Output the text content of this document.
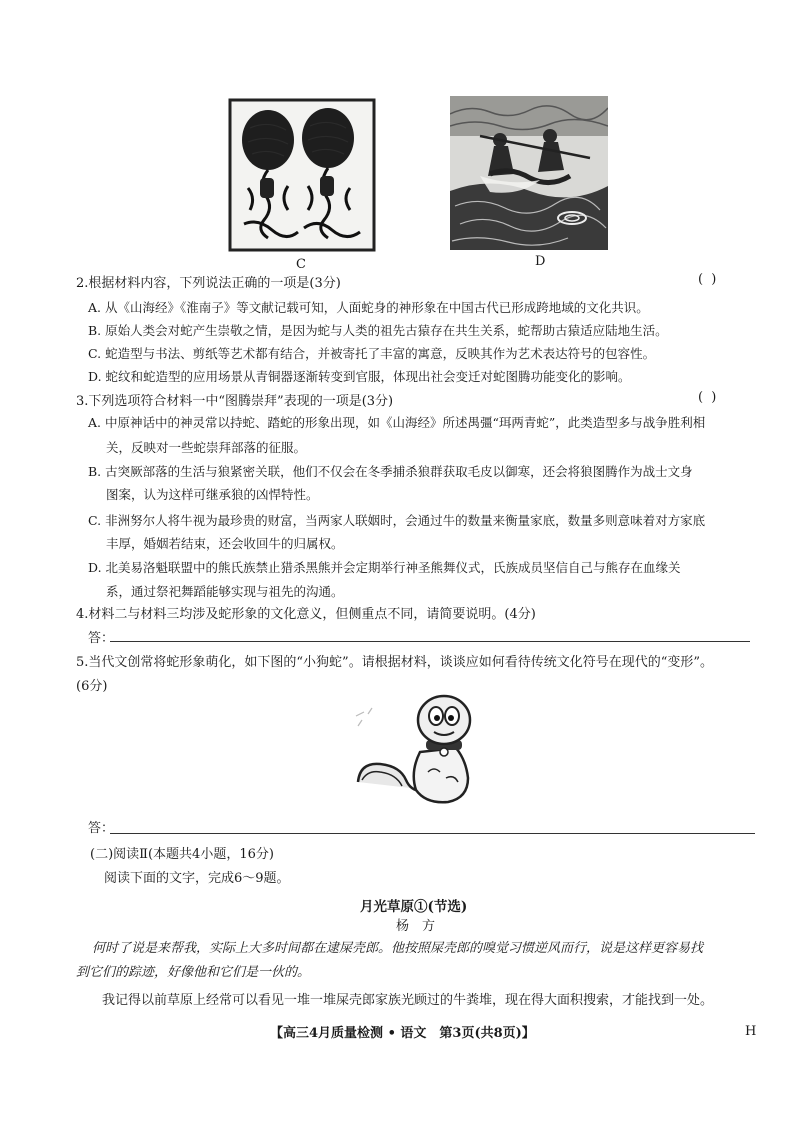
C	D
2.根据材料内容，下列说法正确的一项是(3分)	( )
A. 从《山海经》《淮南子》等文献记载可知，人面蛇身的神形象在中国古代已形成跨地域的文化共识。
B. 原始人类会对蛇产生崇敬之情，是因为蛇与人类的祖先古猿存在共生关系，蛇帮助古猿适应陆地生活。
C. 蛇造型与书法、剪纸等艺术都有结合，并被寄托了丰富的寓意，反映其作为艺术表达符号的包容性。
D. 蛇纹和蛇造型的应用场景从青铜器逐渐转变到官服，体现出社会变迁对蛇图腾功能变化的影响。
3.下列选项符合材料一中“图腾崇拜”表现的一项是(3分)	( )
A. 中原神话中的神灵常以持蛇、踏蛇的形象出现，如《山海经》所述禺彊“珥两青蛇”，此类造型多与战争胜利相
关，反映对一些蛇崇拜部落的征服。
B. 古突厥部落的生活与狼紧密关联，他们不仅会在冬季捕杀狼群获取毛皮以御寒，还会将狼图腾作为战士文身
图案，认为这样可继承狼的凶悍特性。
C. 非洲努尔人将牛视为最珍贵的财富，当两家人联姻时，会通过牛的数量来衡量家底，数量多则意味着对方家底
丰厚，婚姻若结束，还会收回牛的归属权。
D. 北美易洛魁联盟中的熊氏族禁止猎杀黑熊并会定期举行神圣熊舞仪式，氏族成员坚信自己与熊存在血缘关
系，通过祭祀舞蹈能够实现与祖先的沟通。
4.材料二与材料三均涉及蛇形象的文化意义，但侧重点不同，请简要说明。(4分)
答：
5.当代文创常将蛇形象萌化，如下图的“小狗蛇”。请根据材料，谈谈应如何看待传统文化符号在现代的“变形”。
(6分)
答：
(二)阅读Ⅱ(本题共4小题，16分)
阅读下面的文字，完成6～9题。
月光草原①(节选)
杨　方
何时了说是来帮我，实际上大多时间都在逮屎壳郎。他按照屎壳郎的嗅觉习惯逆风而行，说是这样更容易找
到它们的踪迹，好像他和它们是一伙的。
我记得以前草原上经常可以看见一堆一堆屎壳郎家族光顾过的牛粪堆，现在得大面积搜索，才能找到一处。
【高三4月质量检测 • 语文　第3页(共8页)】	H
